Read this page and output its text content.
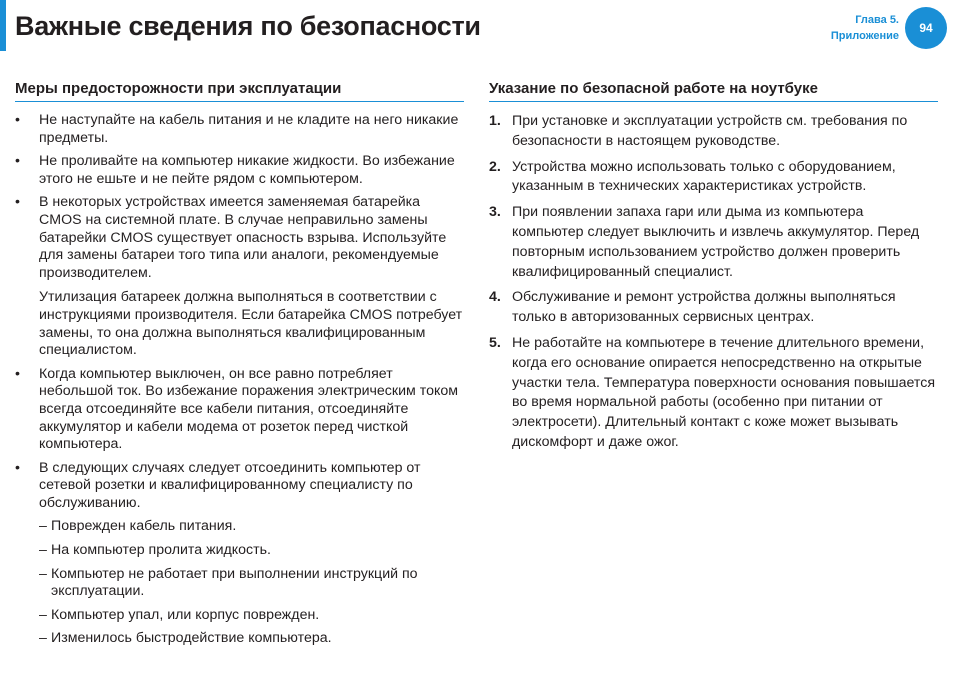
Важные сведения по безопасности	Глава 5.
Приложение
94
Меры предосторожности при эксплуатации
•	Не наступайте на кабель питания и не кладите на него никакие предметы.

•	Не проливайте на компьютер никакие жидкости. Во избежание этого не ешьте и не пейте рядом с компьютером.

•	В некоторых устройствах имеется заменяемая батарейка CMOS на системной плате. В случае неправильно замены батарейки CMOS существует опасность взрыва. Используйте для замены батареи того типа или аналоги, рекомендуемые производителем.

Утилизация батареек должна выполняться в соответствии с инструкциями производителя. Если батарейка CMOS потребует замены, то она должна выполняться квалифицированным специалистом.

•	Когда компьютер выключен, он все равно потребляет небольшой ток. Во избежание поражения электрическим током всегда отсоединяйте все кабели питания, отсоединяйте аккумулятор и кабели модема от розеток перед чисткой компьютера.

•	В следующих случаях следует отсоединить компьютер от сетевой розетки и квалифицированному специалисту по обслуживанию.

– Поврежден кабель питания.
– На компьютер пролита жидкость.
– Компьютер не работает при выполнении инструкций по эксплуатации.
– Компьютер упал, или корпус поврежден.
– Изменилось быстродействие компьютера.
Указание по безопасной работе на ноутбуке
1. При установке и эксплуатации устройств см. требования по безопасности в настоящем руководстве.
2. Устройства можно использовать только с оборудованием, указанным в технических характеристиках устройств.
3. При появлении запаха гари или дыма из компьютера компьютер следует выключить и извлечь аккумулятор. Перед повторным использованием устройство должен проверить квалифицированный специалист.
4. Обслуживание и ремонт устройства должны выполняться только в авторизованных сервисных центрах.
5. Не работайте на компьютере в течение длительного времени, когда его основание опирается непосредственно на открытые участки тела. Температура поверхности основания повышается во время нормальной работы (особенно при питании от электросети). Длительный контакт с коже может вызывать дискомфорт и даже ожог.
